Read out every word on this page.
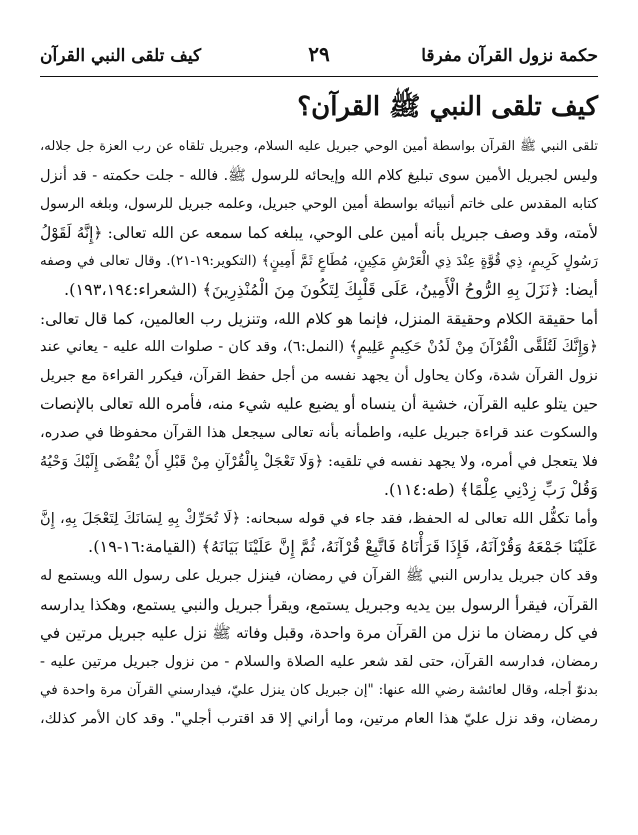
حكمة نزول القرآن مفرقا
٢٩
كيف تلقى النبي القرآن
كيف تلقى النبي ﷺ القرآن؟
تلقى النبي ﷺ القرآن بواسطة أمين الوحي جبريل عليه السلام، وجبريل تلقاه عن رب العزة جل جلاله،
وليس لجبريل الأمين سوى تبليغ كلام الله وإيحائه للرسول ﷺ. فالله - جلت حكمته - قد أنزل
كتابه المقدس على خاتم أنبيائه بواسطة أمين الوحي جبريل، وعلمه جبريل للرسول، وبلغه الرسول
لأمته، وقد وصف جبريل بأنه أمين على الوحي، يبلغه كما سمعه عن الله تعالى: ﴿إِنَّهُ لَقَوْلُ
رَسُولٍ كَرِيمٍ، ذِي قُوَّةٍ عِنْدَ ذِي الْعَرْشِ مَكِينٍ، مُطَاعٍ ثَمَّ أَمِينٍ﴾ (التكوير:١٩-٢١). وقال تعالى في وصفه
أيضا: ﴿نَزَلَ بِهِ الرُّوحُ الْأَمِينُ، عَلَى قَلْبِكَ لِتَكُونَ مِنَ الْمُنْذِرِينَ﴾ (الشعراء:١٩٣،١٩٤).
أما حقيقة الكلام وحقيقة المنزل، فإنما هو كلام الله، وتنزيل رب العالمين، كما قال تعالى:
﴿وَإِنَّكَ لَتُلَقَّى الْقُرْآنَ مِنْ لَدُنْ حَكِيمٍ عَلِيمٍ﴾ (النمل:٦)، وقد كان - صلوات الله عليه - يعاني عند
نزول القرآن شدة، وكان يحاول أن يجهد نفسه من أجل حفظ القرآن، فيكرر القراءة مع جبريل
حين يتلو عليه القرآن، خشية أن ينساه أو يضيع عليه شيء منه، فأمره الله تعالى بالإنصات
والسكوت عند قراءة جبريل عليه، واطمأنه بأنه تعالى سيجعل هذا القرآن محفوظا في صدره،
فلا يتعجل في أمره، ولا يجهد نفسه في تلقيه: ﴿وَلَا تَعْجَلْ بِالْقُرْآنِ مِنْ قَبْلِ أَنْ يُقْضَى إِلَيْكَ وَحْيُهُ
وَقُلْ رَبِّ زِدْنِي عِلْمًا﴾ (طه:١١٤).
وأما تكفُّل الله تعالى له الحفظ، فقد جاء في قوله سبحانه: ﴿لَا تُحَرِّكْ بِهِ لِسَانَكَ لِتَعْجَلَ بِهِ، إِنَّ
عَلَيْنَا جَمْعَهُ وَقُرْآنَهُ، فَإِذَا قَرَأْنَاهُ فَاتَّبِعْ قُرْآنَهُ، ثُمَّ إِنَّ عَلَيْنَا بَيَانَهُ﴾ (القيامة:١٦-١٩).
وقد كان جبريل يدارس النبي ﷺ القرآن في رمضان، فينزل جبريل على رسول الله ويستمع له
القرآن، فيقرأ الرسول بين يديه وجبريل يستمع، ويقرأ جبريل والنبي يستمع، وهكذا يدارسه
في كل رمضان ما نزل من القرآن مرة واحدة، وقبل وفاته ﷺ نزل عليه جبريل مرتين في
رمضان، فدارسه القرآن، حتى لقد شعر عليه الصلاة والسلام - من نزول جبريل مرتين عليه -
بدنوّ أجله، وقال لعائشة رضي الله عنها: "إن جبريل كان ينزل عليّ، فيدارسني القرآن مرة واحدة في
رمضان، وقد نزل عليّ هذا العام مرتين، وما أراني إلا قد اقترب أجلي". وقد كان الأمر كذلك،
